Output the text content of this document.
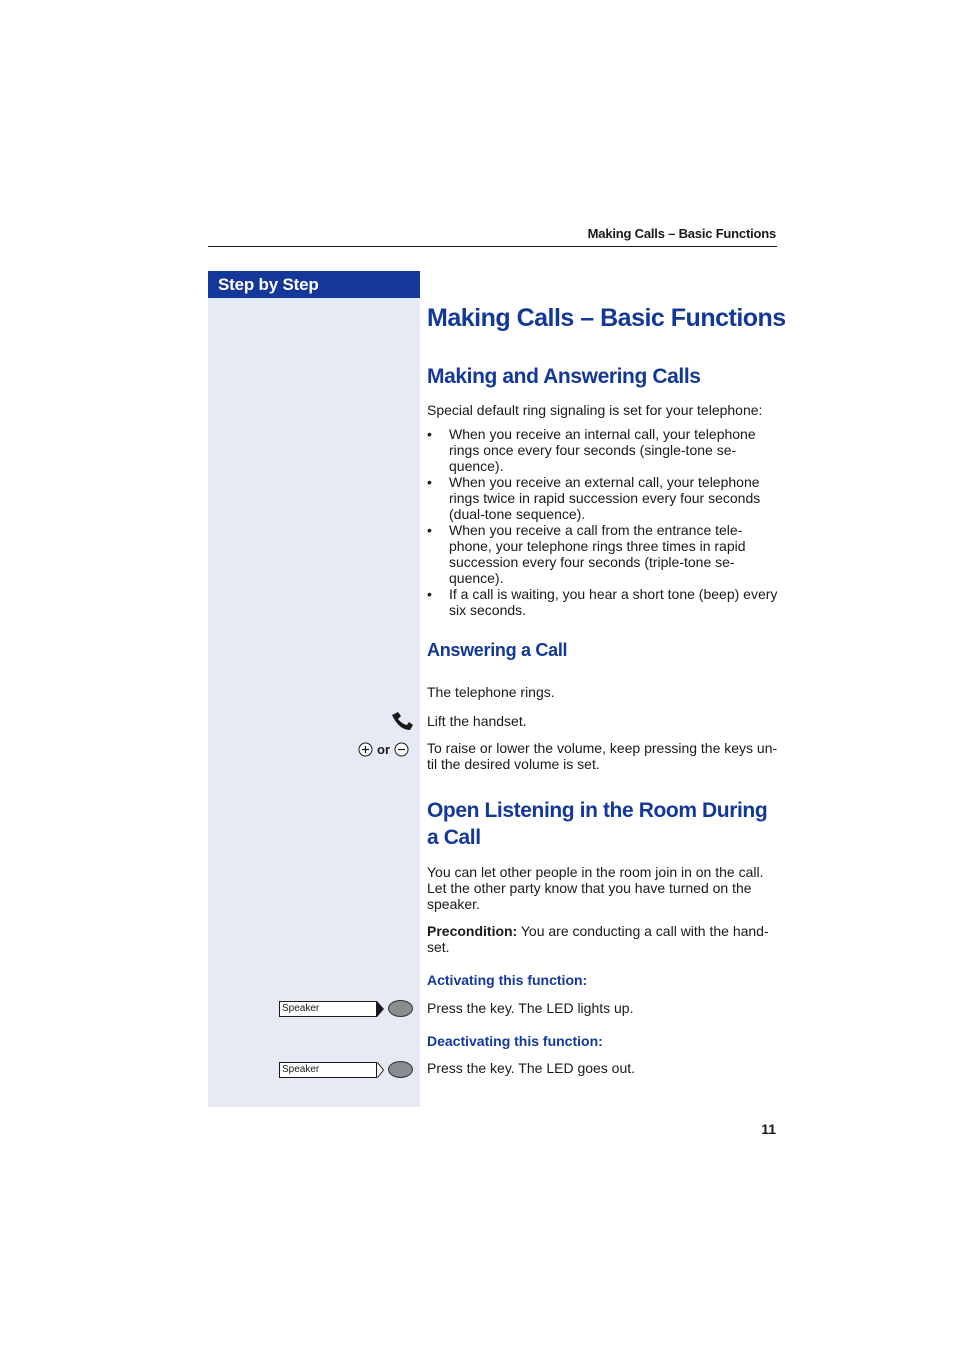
Making Calls – Basic Functions
Step by Step
Making Calls – Basic Functions
Making and Answering Calls

Special default ring signaling is set for your telephone:

• When you receive an internal call, your telephone rings once every four seconds (single-tone se-quence).
• When you receive an external call, your telephone rings twice in rapid succession every four seconds (dual-tone sequence).
• When you receive a call from the entrance tele-phone, your telephone rings three times in rapid succession every four seconds (triple-tone se-quence).
• If a call is waiting, you hear a short tone (beep) every six seconds.
Answering a Call

The telephone rings.

Lift the handset.

or	To raise or lower the volume, keep pressing the keys un-til the desired volume is set.

Open Listening in the Room During a Call

You can let other people in the room join in on the call. Let the other party know that you have turned on the speaker.

Precondition: You are conducting a call with the hand-set.

Activating this function:
Speaker	Press the key. The LED lights up.

Deactivating this function:
Speaker	Press the key. The LED goes out.

11
